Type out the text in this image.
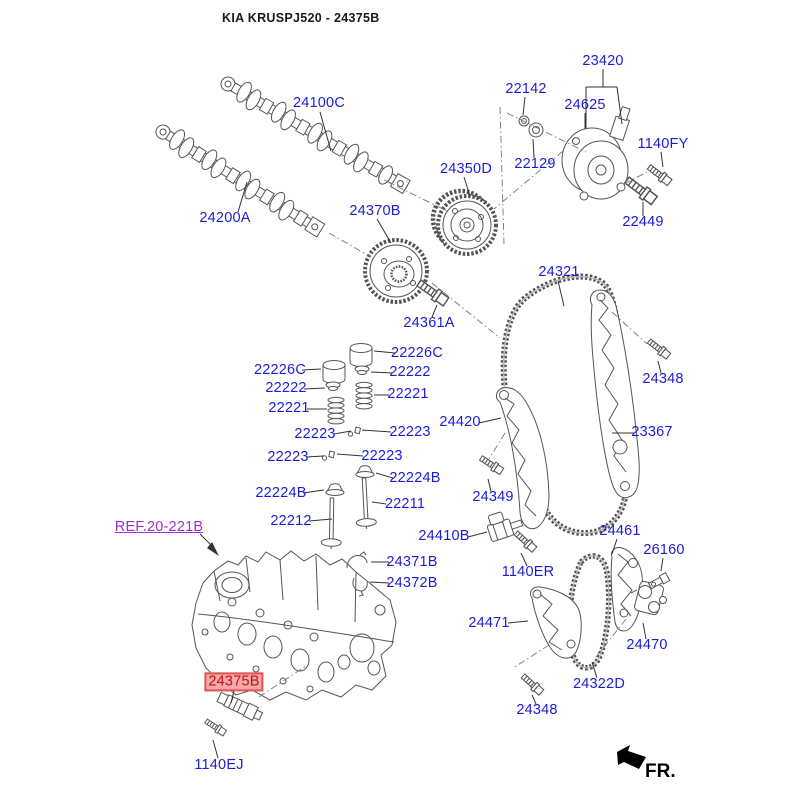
KIA KRUSPJ520 - 24375B
24100C
24200A	24370B
24350D
24361A
23420
22142
24625
22129
1140FY
22449
24321
24348
23367
24420
24349
22226C
22226C	22222
22222	22221
22221
22223
22223
22223
22223
22224B
22224B
22211
22212
REF.20-221B
24371B
24372B
24410B
1140ER
24461
26160
24471
24470
24322D
24348
24375B
1140EJ	FR.
